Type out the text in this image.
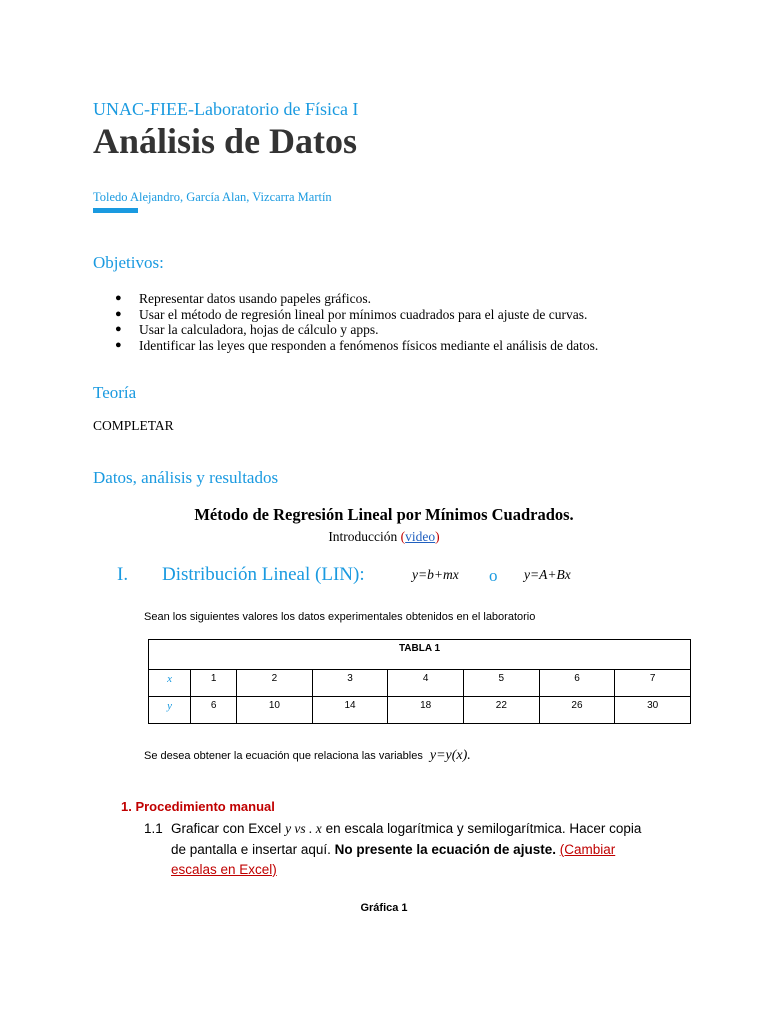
UNAC-FIEE-Laboratorio de Física I
Análisis de Datos
Toledo Alejandro, García Alan, Vizcarra Martín
Objetivos:
● Representar datos usando papeles gráficos.
● Usar el método de regresión lineal por mínimos cuadrados para el ajuste de curvas.
● Usar la calculadora, hojas de cálculo y apps.
● Identificar las leyes que responden a fenómenos físicos mediante el análisis de datos.
Teoría
COMPLETAR
Datos, análisis y resultados
Método de Regresión Lineal por Mínimos Cuadrados.
Introducción (video)
I. Distribución Lineal (LIN):	y=b+mx o y=A+Bx
Sean los siguientes valores los datos experimentales obtenidos en el laboratorio
TABLA 1							
x	1	2	3	4	5	6	7
y	6	10	14	18	22	26	30
Se desea obtener la ecuación que relaciona las variables y=y(x).
1. Procedimiento manual
1.1 Graficar con Excel y vs . x en escala logarítmica y semilogarítmica. Hacer copia de pantalla e insertar aquí. No presente la ecuación de ajuste. (Cambiar escalas en Excel)
Gráfica 1
